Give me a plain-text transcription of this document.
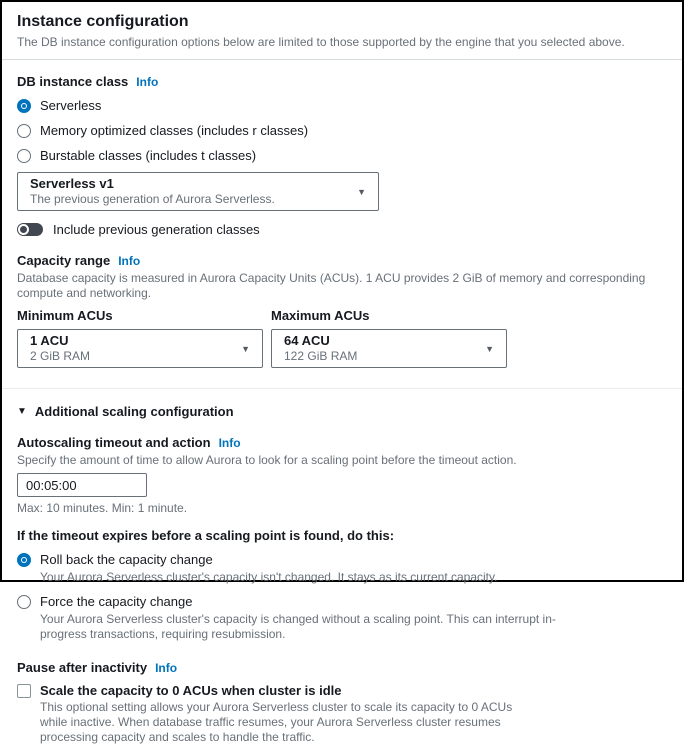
Instance configuration
The DB instance configuration options below are limited to those supported by the engine that you selected above.
DB instance class Info
Serverless
Memory optimized classes (includes r classes)
Burstable classes (includes t classes)
Serverless v1
The previous generation of Aurora Serverless.
▼
Include previous generation classes
Capacity range Info
Database capacity is measured in Aurora Capacity Units (ACUs). 1 ACU provides 2 GiB of memory and corresponding compute and networking.
Minimum ACUs
1 ACU
2 GiB RAM
▼
Maximum ACUs
64 ACU
122 GiB RAM
▼
▼ Additional scaling configuration
Autoscaling timeout and action Info
Specify the amount of time to allow Aurora to look for a scaling point before the timeout action.
00:05:00
Max: 10 minutes. Min: 1 minute.
If the timeout expires before a scaling point is found, do this:
Roll back the capacity change
Your Aurora Serverless cluster's capacity isn't changed. It stays as its current capacity.
Force the capacity change
Your Aurora Serverless cluster's capacity is changed without a scaling point. This can interrupt in-progress transactions, requiring resubmission.
Pause after inactivity Info
Scale the capacity to 0 ACUs when cluster is idle
This optional setting allows your Aurora Serverless cluster to scale its capacity to 0 ACUs while inactive. When database traffic resumes, your Aurora Serverless cluster resumes processing capacity and scales to handle the traffic.
